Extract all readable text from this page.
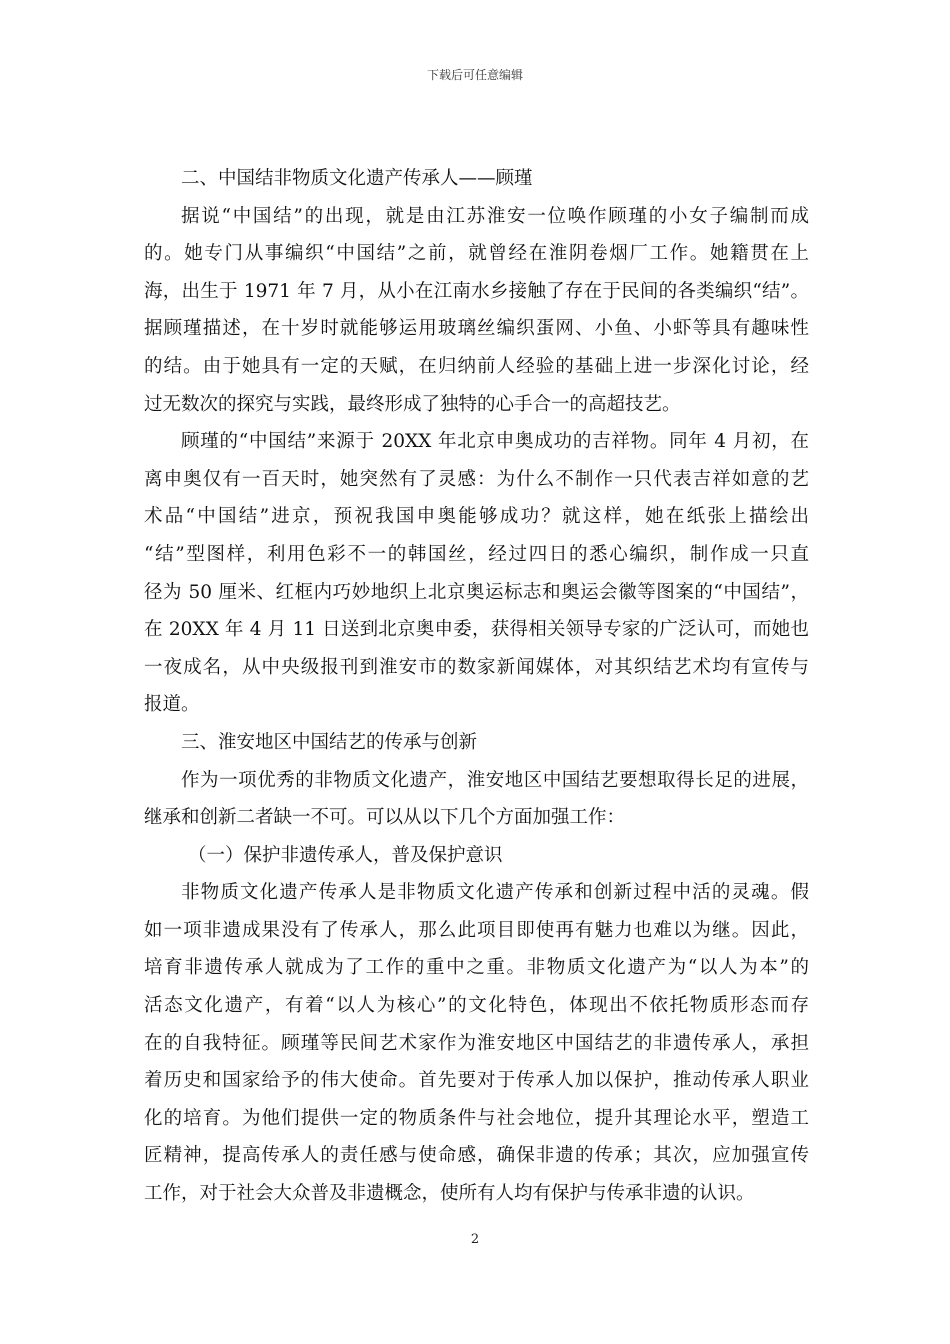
下载后可任意编辑
二、中国结非物质文化遗产传承人——顾瑾
据说“中国结”的出现，就是由江苏淮安一位唤作顾瑾的小女子编制而成
的。她专门从事编织“中国结”之前，就曾经在淮阴卷烟厂工作。她籍贯在上
海，出生于 1971 年 7 月，从小在江南水乡接触了存在于民间的各类编织“结”。
据顾瑾描述，在十岁时就能够运用玻璃丝编织蛋网、小鱼、小虾等具有趣味性
的结。由于她具有一定的天赋，在归纳前人经验的基础上进一步深化讨论，经
过无数次的探究与实践，最终形成了独特的心手合一的高超技艺。
顾瑾的“中国结”来源于 20XX 年北京申奥成功的吉祥物。同年 4 月初，在
离申奥仅有一百天时，她突然有了灵感：为什么不制作一只代表吉祥如意的艺
术品“中国结”进京，预祝我国申奥能够成功？就这样，她在纸张上描绘出
“结”型图样，利用色彩不一的韩国丝，经过四日的悉心编织，制作成一只直
径为 50 厘米、红框内巧妙地织上北京奥运标志和奥运会徽等图案的“中国结”，
在 20XX 年 4 月 11 日送到北京奥申委，获得相关领导专家的广泛认可，而她也
一夜成名，从中央级报刊到淮安市的数家新闻媒体，对其织结艺术均有宣传与
报道。
三、淮安地区中国结艺的传承与创新
作为一项优秀的非物质文化遗产，淮安地区中国结艺要想取得长足的进展，
继承和创新二者缺一不可。可以从以下几个方面加强工作：
（一）保护非遗传承人，普及保护意识
非物质文化遗产传承人是非物质文化遗产传承和创新过程中活的灵魂。假
如一项非遗成果没有了传承人，那么此项目即使再有魅力也难以为继。因此，
培育非遗传承人就成为了工作的重中之重。非物质文化遗产为“以人为本”的
活态文化遗产，有着“以人为核心”的文化特色，体现出不依托物质形态而存
在的自我特征。顾瑾等民间艺术家作为淮安地区中国结艺的非遗传承人，承担
着历史和国家给予的伟大使命。首先要对于传承人加以保护，推动传承人职业
化的培育。为他们提供一定的物质条件与社会地位，提升其理论水平，塑造工
匠精神，提高传承人的责任感与使命感，确保非遗的传承；其次，应加强宣传
工作，对于社会大众普及非遗概念，使所有人均有保护与传承非遗的认识。
2
